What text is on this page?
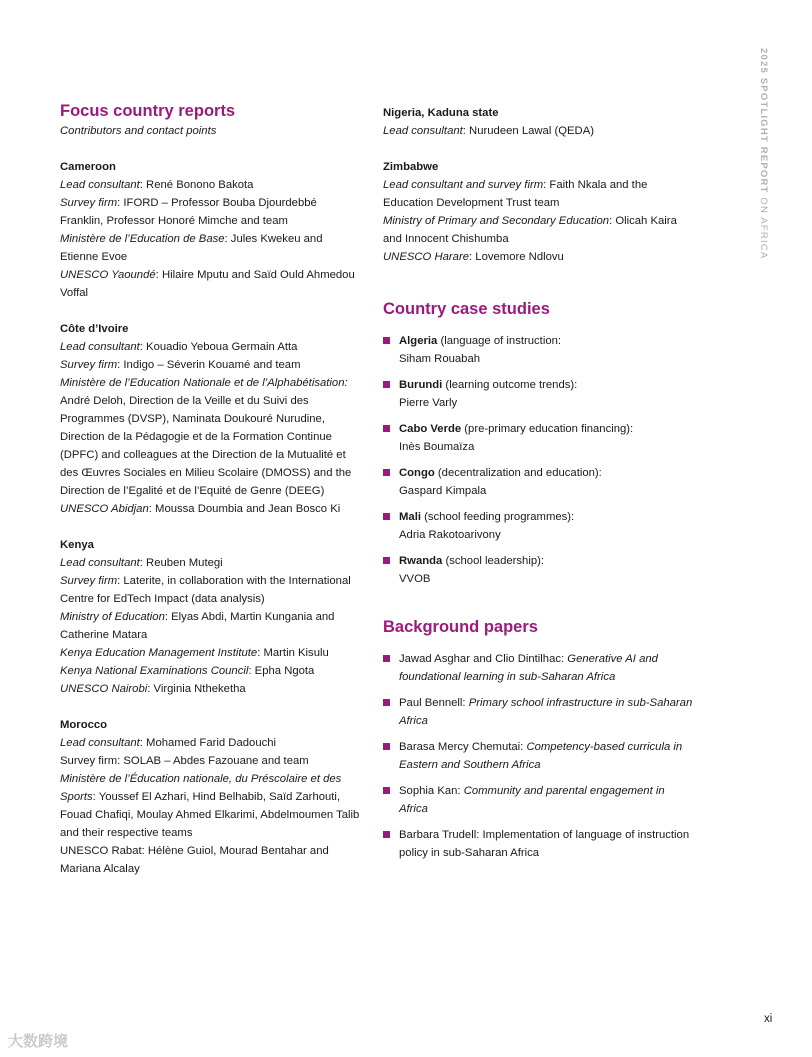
2025 SPOTLIGHT REPORT ON AFRICA
Focus country reports
Contributors and contact points
Cameroon
Lead consultant: René Bonono Bakota
Survey firm: IFORD – Professor Bouba Djourdebbé Franklin, Professor Honoré Mimche and team
Ministère de l’Education de Base: Jules Kwekeu and Etienne Evoe
UNESCO Yaoundé: Hilaire Mputu and Saïd Ould Ahmedou Voffal
Côte d’Ivoire
Lead consultant: Kouadio Yeboua Germain Atta
Survey firm: Indigo – Séverin Kouamé and team
Ministère de l’Education Nationale et de l’Alphabétisation: André Deloh, Direction de la Veille et du Suivi des Programmes (DVSP), Naminata Doukouré Nurudine, Direction de la Pédagogie et de la Formation Continue (DPFC) and colleagues at the Direction de la Mutualité et des Œuvres Sociales en Milieu Scolaire (DMOSS) and the Direction de l’Egalité et de l’Equité de Genre (DEEG)
UNESCO Abidjan: Moussa Doumbia and Jean Bosco Ki
Kenya
Lead consultant: Reuben Mutegi
Survey firm: Laterite, in collaboration with the International Centre for EdTech Impact (data analysis)
Ministry of Education: Elyas Abdi, Martin Kungania and Catherine Matara
Kenya Education Management Institute: Martin Kisulu
Kenya National Examinations Council: Epha Ngota
UNESCO Nairobi: Virginia Ntheketha
Morocco
Lead consultant: Mohamed Farid Dadouchi
Survey firm: SOLAB – Abdes Fazouane and team
Ministère de l’Éducation nationale, du Préscolaire et des Sports: Youssef El Azhari, Hind Belhabib, Saïd Zarhouti, Fouad Chafiqi, Moulay Ahmed Elkarimi, Abdelmoumen Talib and their respective teams
UNESCO Rabat: Hélène Guiol, Mourad Bentahar and Mariana Alcalay
Nigeria, Kaduna state
Lead consultant: Nurudeen Lawal (QEDA)
Zimbabwe
Lead consultant and survey firm: Faith Nkala and the Education Development Trust team
Ministry of Primary and Secondary Education: Olicah Kaira and Innocent Chishumba
UNESCO Harare: Lovemore Ndlovu
Country case studies
Algeria (language of instruction:
Siham Rouabah
Burundi (learning outcome trends):
Pierre Varly
Cabo Verde (pre-primary education financing):
Inès Boumaïza
Congo (decentralization and education):
Gaspard Kimpala
Mali (school feeding programmes):
Adria Rakotoarivony
Rwanda (school leadership):
VVOB
Background papers
Jawad Asghar and Clio Dintilhac: Generative AI and foundational learning in sub-Saharan Africa
Paul Bennell: Primary school infrastructure in sub-Saharan Africa
Barasa Mercy Chemutai: Competency-based curricula in Eastern and Southern Africa
Sophia Kan: Community and parental engagement in Africa
Barbara Trudell: Implementation of language of instruction policy in sub-Saharan Africa
xi
大数跨境
